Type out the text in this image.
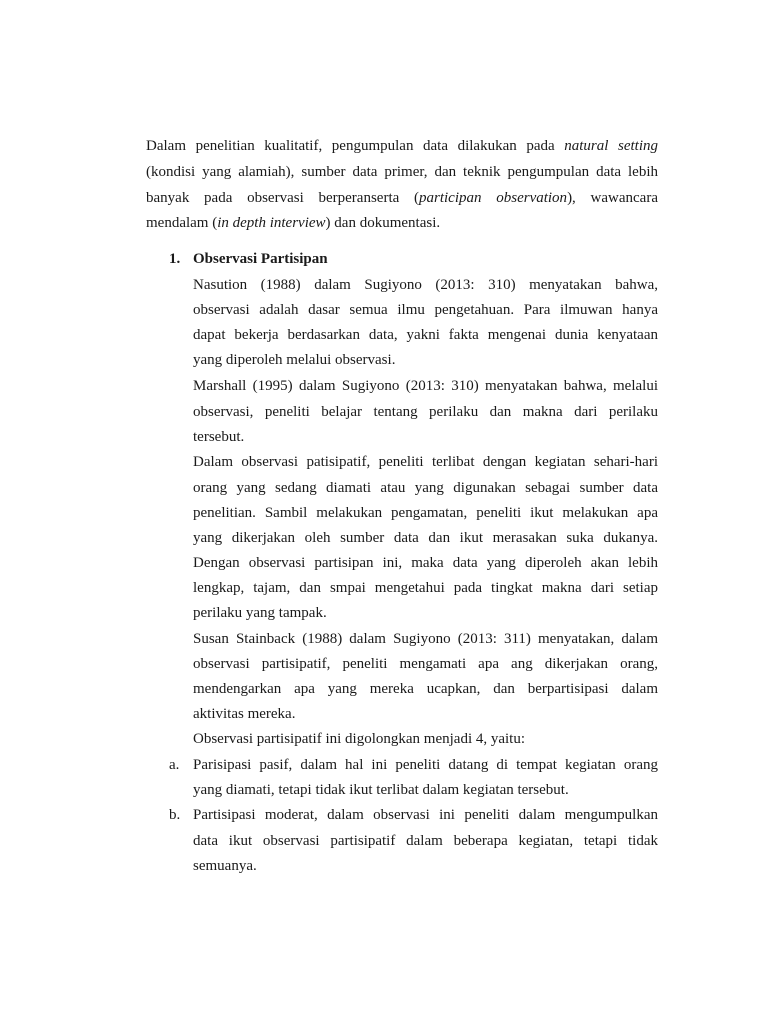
Dalam penelitian kualitatif, pengumpulan data dilakukan pada natural setting
(kondisi yang alamiah), sumber data primer, dan teknik pengumpulan data lebih
banyak pada observasi berperanserta (participan observation), wawancara
mendalam (in depth interview) dan dokumentasi.
1. Observasi Partisipan
Nasution (1988) dalam Sugiyono (2013: 310) menyatakan bahwa,
observasi adalah dasar semua ilmu pengetahuan. Para ilmuwan hanya
dapat bekerja berdasarkan data, yakni fakta mengenai dunia kenyataan
yang diperoleh melalui observasi.
Marshall (1995) dalam Sugiyono (2013: 310) menyatakan bahwa, melalui
observasi, peneliti belajar tentang perilaku dan makna dari perilaku
tersebut.
Dalam observasi patisipatif, peneliti terlibat dengan kegiatan sehari-hari
orang yang sedang diamati atau yang digunakan sebagai sumber data
penelitian. Sambil melakukan pengamatan, peneliti ikut melakukan apa
yang dikerjakan oleh sumber data dan ikut merasakan suka dukanya.
Dengan observasi partisipan ini, maka data yang diperoleh akan lebih
lengkap, tajam, dan smpai mengetahui pada tingkat makna dari setiap
perilaku yang tampak.
Susan Stainback (1988) dalam Sugiyono (2013: 311) menyatakan, dalam
observasi partisipatif, peneliti mengamati apa ang dikerjakan orang,
mendengarkan apa yang mereka ucapkan, dan berpartisipasi dalam
aktivitas mereka.
Observasi partisipatif ini digolongkan menjadi 4, yaitu:
a. Parisipasi pasif, dalam hal ini peneliti datang di tempat kegiatan orang
yang diamati, tetapi tidak ikut terlibat dalam kegiatan tersebut.
b. Partisipasi moderat, dalam observasi ini peneliti dalam mengumpulkan
data ikut observasi partisipatif dalam beberapa kegiatan, tetapi tidak
semuanya.
